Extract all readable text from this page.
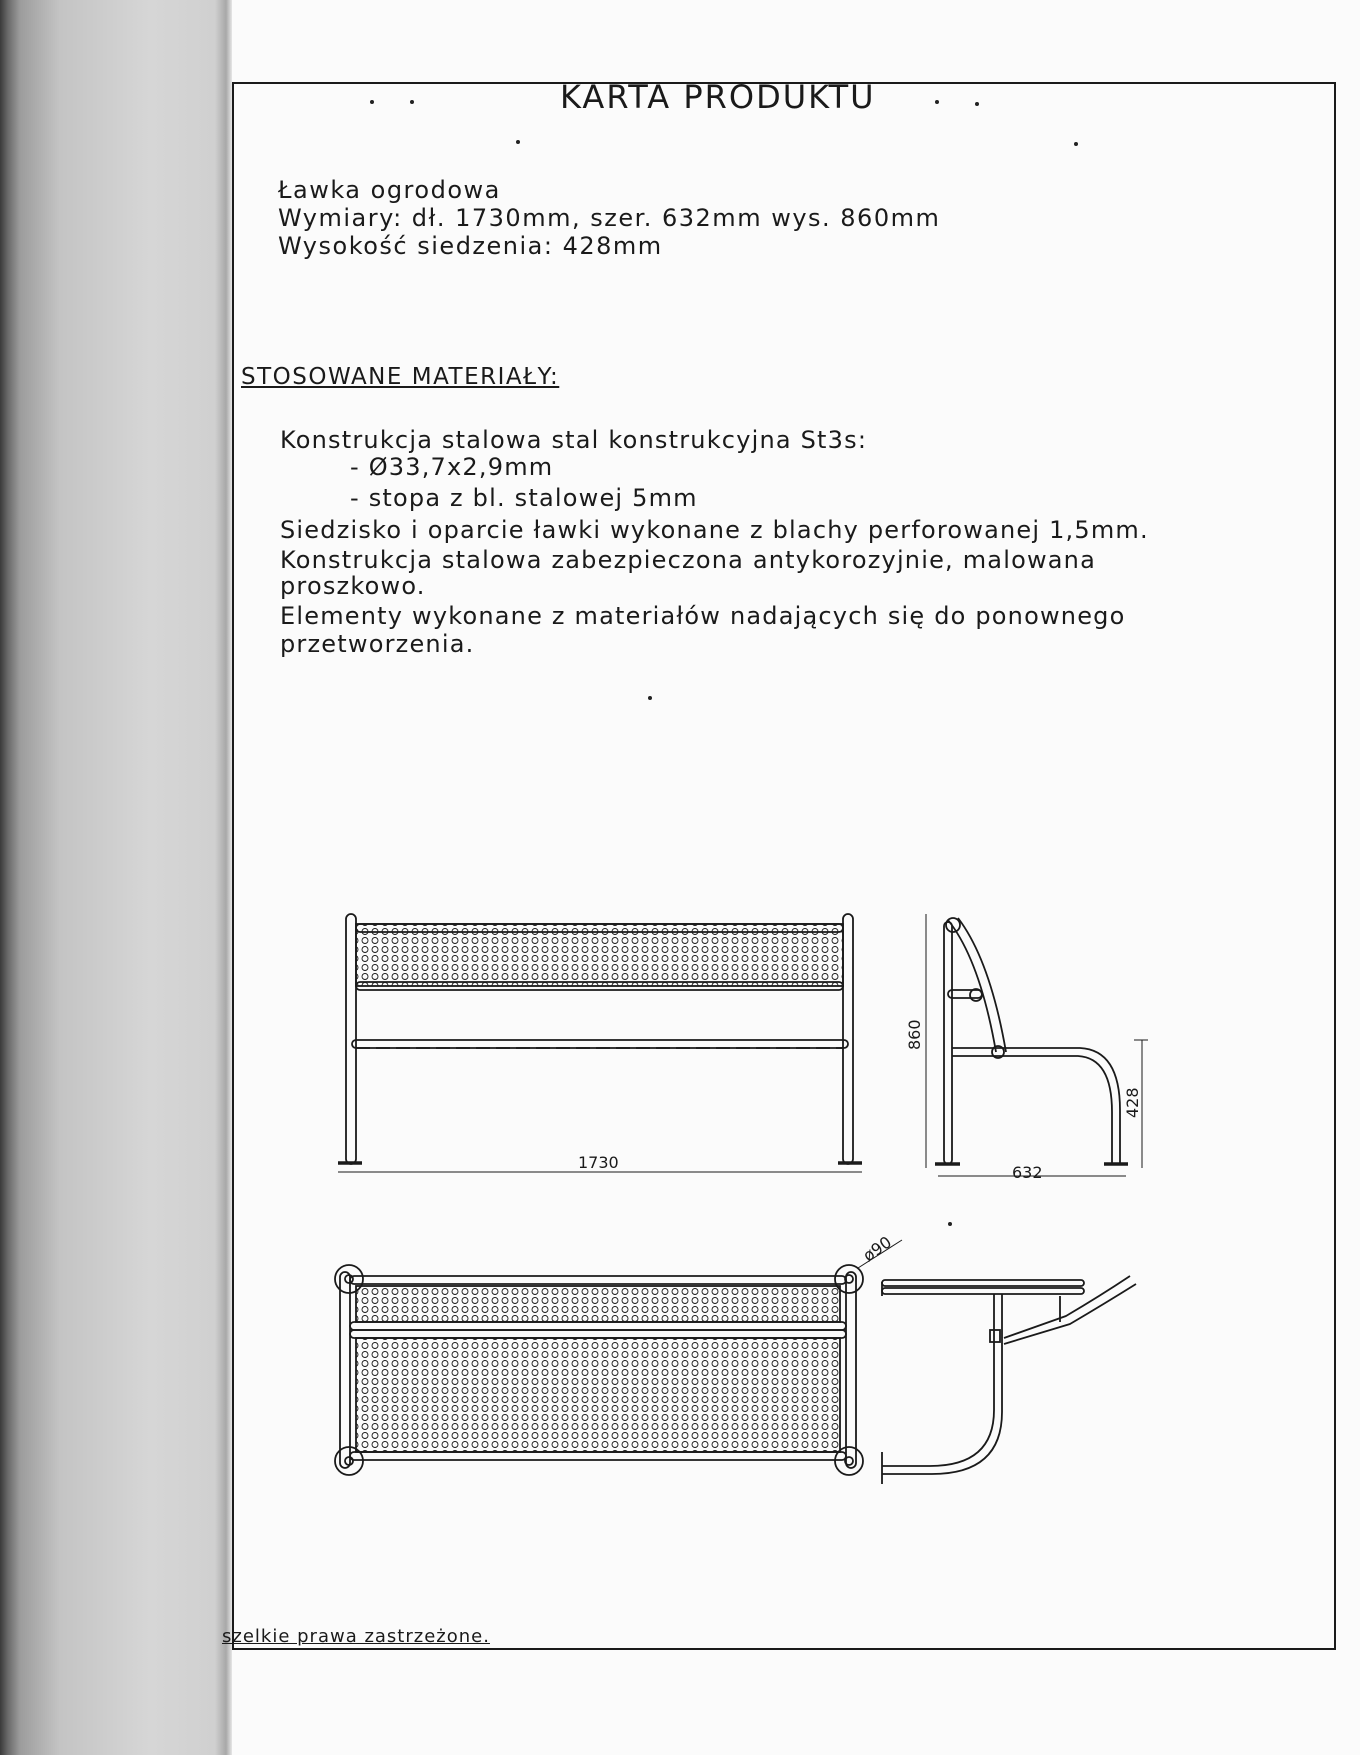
KARTA PRODUKTU
Ławka ogrodowa
Wymiary: dł. 1730mm, szer. 632mm wys. 860mm
Wysokość siedzenia: 428mm
STOSOWANE MATERIAŁY:
Konstrukcja stalowa stal konstrukcyjna St3s:
- Ø33,7x2,9mm
- stopa z bl. stalowej 5mm
Siedzisko i oparcie ławki wykonane z blachy perforowanej 1,5mm.
Konstrukcja stalowa zabezpieczona antykorozyjnie, malowana
proszkowo.
Elementy wykonane z materiałów nadających się do ponownego
przetworzenia.
1730
860
428
632
ø90
szelkie prawa zastrzeżone.
